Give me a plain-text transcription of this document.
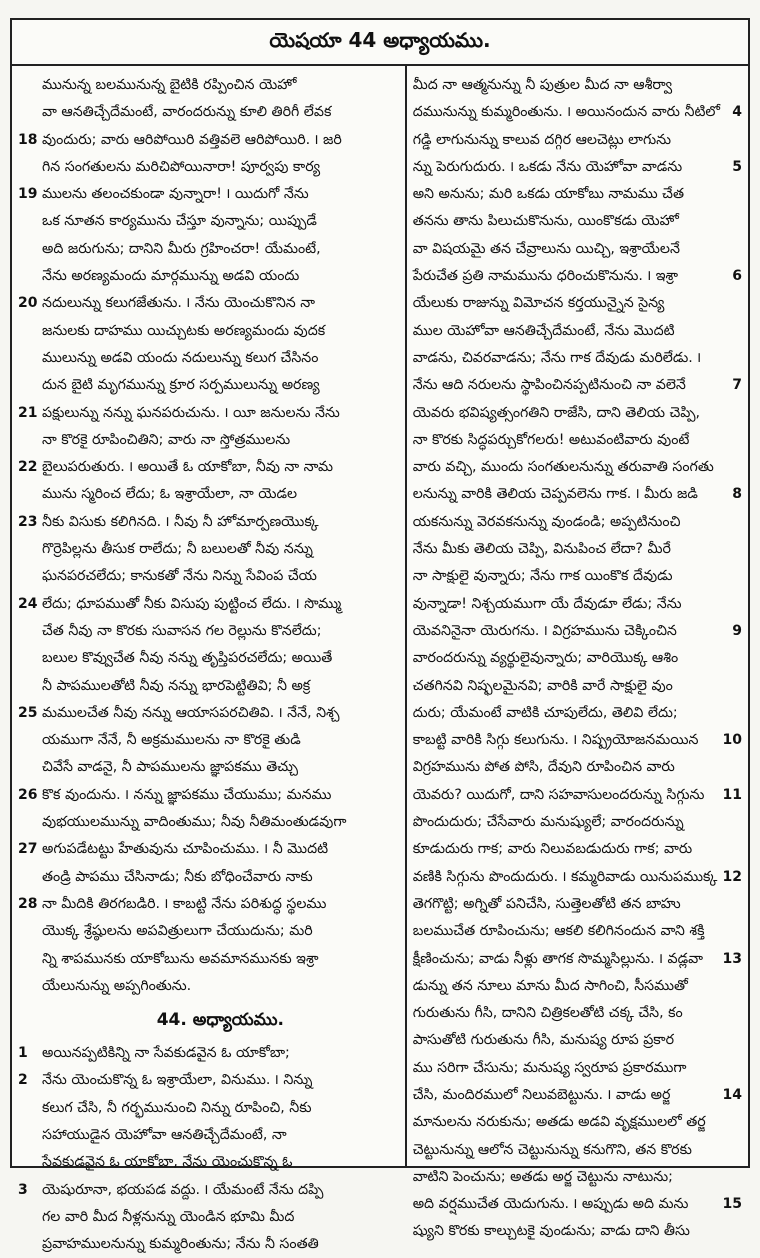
యెషయా 44 అధ్యాయము.
మునున్న బలమునున్న బైటికి రప్పించిన యెహో
వా ఆనతిచ్చేదేమంటే, వారందరున్ను కూలి తిరిగీ లేవక
18 వుందురు; వారు ఆరిపోయిరి వత్తివలె ఆరిపోయిరి. ౹ జరి
గిన సంగతులను మరిచిపోయినారా! పూర్వపు కార్య
19 ములను తలంచకుండా వున్నారా! ౹ యిదుగో నేను
ఒక నూతన కార్యమును చేస్తూ వున్నాను; యిప్పుడే
అది జరుగును; దానిని మీరు గ్రహించరా! యేమంటే,
నేను అరణ్యమందు మార్గమున్ను అడవి యందు
20 నదులున్ను కలుగజేతును. ౹ నేను యెంచుకొనిన నా
జనులకు దాహము యిచ్చుటకు అరణ్యమందు వుదక
ములున్ను అడవి యందు నదులున్ను కలుగ చేసినం
దున బైటి మృగమున్ను క్రూర సర్పములున్ను అరణ్య
21 పక్షులున్ను నన్ను ఘనపరుచును. ౹ యీ జనులను నేను
నా కొరకై రూపించితిని; వారు నా స్తోత్రములను
22 బైలుపరుతురు. ౹ అయితే ఓ యాకోబా, నీవు నా నామ
మును స్మరించ లేదు; ఓ ఇశ్రాయేలా, నా యెడల
23 నీకు విసుకు కలిగినది. ౹ నీవు నీ హోమార్పణయొక్క
గొర్రెపిల్లను తీసుక రాలేదు; నీ బలులతో నీవు నన్ను
ఘనపరచలేదు; కానుకతో నేను నిన్ను సేవింప చేయ
24 లేదు; ధూపముతో నీకు విసుపు పుట్టించ లేదు. ౹ సొమ్ము
చేత నీవు నా కొరకు సువాసన గల రెల్లును కొనలేదు;
బలుల కొవ్వుచేత నీవు నన్ను తృప్తిపరచలేదు; అయితే
నీ పాపములతోటి నీవు నన్ను భారపెట్టితివి; నీ అక్ర
25 మములచేత నీవు నన్ను ఆయాసపరచితివి. ౹ నేనే, నిశ్చ
యముగా నేనే, నీ అక్రమములను నా కొరకై తుడి
చివేసే వాడనై, నీ పాపములను జ్ఞాపకము తెచ్చు
26 కొక వుందును. ౹ నన్ను జ్ఞాపకము చేయుము; మనము
వుభయులమున్ను వాదింతుము; నీవు నీతిమంతుడవుగా
27 అగుపడేటట్టు హేతువును చూపించుము. ౹ నీ మొదటి
తండ్రి పాపము చేసినాడు; నీకు బోధించేవారు నాకు
28 నా మీదికి తిరగబడిరి. ౹ కాబట్టి నేను పరిశుద్ధ స్థలము
యొక్క శ్రేష్ఠులను అపవిత్రులుగా చేయుదును; మరి
న్ని శాపమునకు యాకోబును అవమానమునకు ఇశ్రా
యేలునున్ను అప్పగింతును.
44. అధ్యాయము.
1 అయినప్పటికిన్ని నా సేవకుడవైన ఓ యాకోబా;
2 నేను యెంచుకొన్న ఓ ఇశ్రాయేలా, వినుము. ౹ నిన్ను
కలుగ చేసి, నీ గర్భమునుంచి నిన్ను రూపించి, నీకు
సహాయుడైన యెహోవా ఆనతిచ్చేదేమంటే, నా
సేవకుడవైన ఓ యాకోబా, నేను యెంచుకొన్న ఓ
3 యెషురూనా, భయపడ వద్దు. ౹ యేమంటే నేను దప్పి
గల వారి మీద నీళ్లనున్ను యెండిన భూమి మీద
ప్రవాహములనున్ను కుమ్మరింతును; నేను నీ సంతతి
మీద నా ఆత్మనున్ను నీ పుత్రుల మీద నా ఆశీర్వా
4
దమునున్ను కుమ్మరింతును. ౹ అయినందున వారు నీటిలో
గడ్డి లాగునున్ను కాలువ దగ్గిర ఆలచెట్లు లాగును
5
న్ను పెరుగుదురు. ౹ ఒకడు నేను యెహోవా వాడను
అని అనును; మరి ఒకడు యాకోబు నామము చేత
తనను తాను పిలుచుకొనును, యింకొకడు యెహో
వా విషయమై తన చేవ్రాలును యిచ్చి, ఇశ్రాయేలనే
6
పేరుచేత ప్రతి నామమును ధరించుకొనును. ౹ ఇశ్రా
యేలుకు రాజున్ను విమోచన కర్తయున్నైన సైన్య
ముల యెహోవా ఆనతిచ్చేదేమంటే, నేను మొదటి
వాడను, చివరవాడను; నేను గాక దేవుడు మరిలేడు. ౹
7
నేను ఆది నరులను స్థాపించినప్పటినుంచి నా వలెనే
యెవరు భవిష్యత్సంగతిని రాజేసి, దాని తెలియ చెప్పి,
నా కొరకు సిద్ధపర్చుకోగలరు! అటువంటివారు వుంటే
వారు వచ్చి, ముందు సంగతులనున్ను తరువాతి సంగతు
8
లనున్ను వారికి తెలియ చెప్పవలెను గాక. ౹ మీరు జడి
యకనున్ను వెరవకనున్ను వుండండి; అప్పటినుంచి
నేను మీకు తెలియ చెప్పి, వినుపించ లేదా? మీరే
నా సాక్షులై వున్నారు; నేను గాక యింకొక దేవుడు
వున్నాడా! నిశ్చయముగా యే దేవుడూ లేడు; నేను
9
యెవనినైనా యెరుగను. ౹ విగ్రహమును చెక్కించిన
వారందరున్ను వ్యర్థులైవున్నారు; వారియొక్క ఆశిం
చతగినవి నిష్ఫలమైనవి; వారికి వారే సాక్షులై వుం
దురు; యేమంటే వాటికి చూపులేదు, తెలివి లేదు;
10
కాబట్టి వారికి సిగ్గు కలుగును. ౹ నిష్ప్రయోజనమయిన
విగ్రహమును పోత పోసి, దేవుని రూపించిన వారు
11
యెవరు? యిదుగో, దాని సహవాసులందరున్ను సిగ్గును
పొందుదురు; చేసేవారు మనుష్యులే; వారందరున్ను
కూడుదురు గాక; వారు నిలువబడుదురు గాక; వారు
12
వణికి సిగ్గును పొందుదురు. ౹ కమ్మరివాడు యినుపముక్క
తెగగొట్టి; అగ్నితో పనిచేసి, సుత్తెలతోటి తన బాహు
బలముచేత రూపించును; ఆకలి కలిగినందున వాని శక్తి
13
క్షీణించును; వాడు నీళ్లు తాగక సొమ్మసిల్లును. ౹ వడ్లవా
డున్ను తన నూలు మాను మీద సాగించి, సీసముతో
గురుతును గీసి, దానిని చిత్రికలతోటి చక్క చేసి, కం
పాసుతోటి గురుతును గీసి, మనుష్య రూప ప్రకార
ము సరిగా చేసును; మనుష్య స్వరూప ప్రకారముగా
14
చేసి, మందిరములో నిలువబెట్టును. ౹ వాడు అర్జ
మానులను నరుకును; అతడు అడవి వృక్షములలో తర్జ
చెట్టునున్ను ఆలోన చెట్టునున్ను కనుగొని, తన కొరకు
వాటిని పెంచును; అతడు అర్జ చెట్టును నాటును;
15
అది వర్షముచేత యెదుగును. ౹ అప్పుడు అది మను
ష్యుని కొరకు కాల్చుటకై వుండును; వాడు దాని తీసు
